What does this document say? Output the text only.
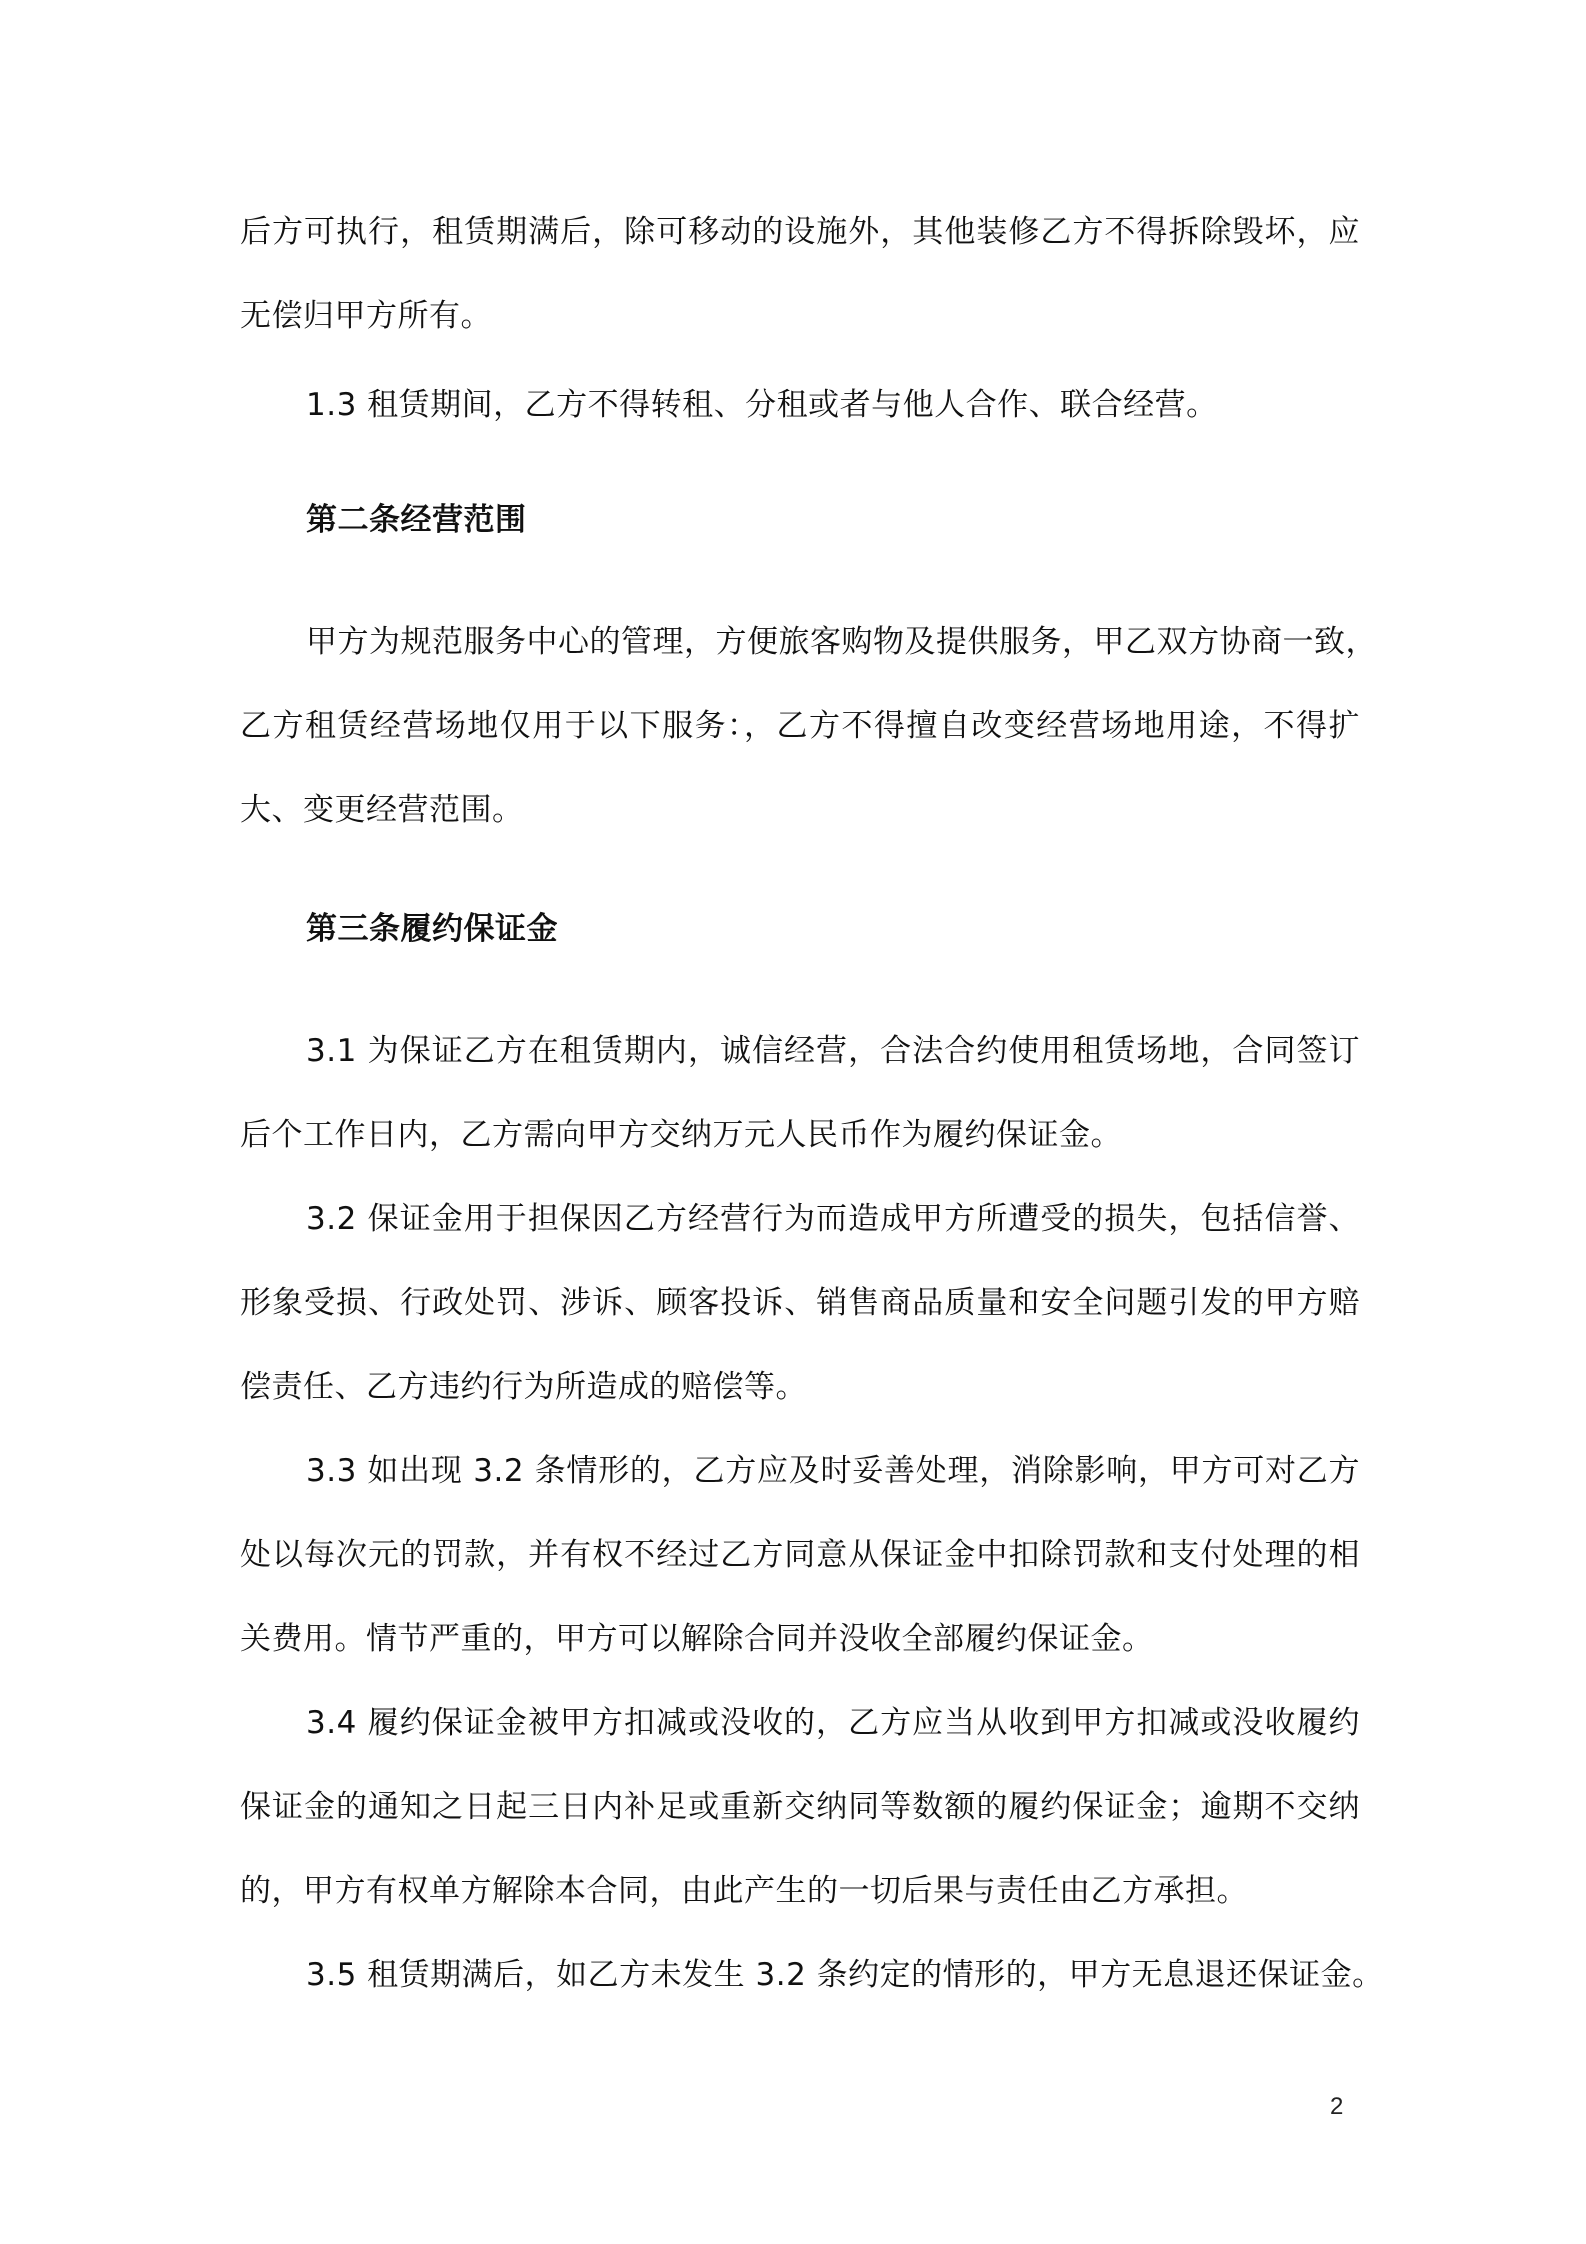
后方可执行，租赁期满后，除可移动的设施外，其他装修乙方不得拆除毁坏，应
无偿归甲方所有。
1.3 租赁期间，乙方不得转租、分租或者与他人合作、联合经营。
第二条经营范围
甲方为规范服务中心的管理，方便旅客购物及提供服务，甲乙双方协商一致，
乙方租赁经营场地仅用于以下服务：，乙方不得擅自改变经营场地用途，不得扩
大、变更经营范围。
第三条履约保证金
3.1 为保证乙方在租赁期内，诚信经营，合法合约使用租赁场地，合同签订
后个工作日内，乙方需向甲方交纳万元人民币作为履约保证金。
3.2 保证金用于担保因乙方经营行为而造成甲方所遭受的损失，包括信誉、
形象受损、行政处罚、涉诉、顾客投诉、销售商品质量和安全问题引发的甲方赔
偿责任、乙方违约行为所造成的赔偿等。
3.3 如出现 3.2 条情形的，乙方应及时妥善处理，消除影响，甲方可对乙方
处以每次元的罚款，并有权不经过乙方同意从保证金中扣除罚款和支付处理的相
关费用。情节严重的，甲方可以解除合同并没收全部履约保证金。
3.4 履约保证金被甲方扣减或没收的，乙方应当从收到甲方扣减或没收履约
保证金的通知之日起三日内补足或重新交纳同等数额的履约保证金；逾期不交纳
的，甲方有权单方解除本合同，由此产生的一切后果与责任由乙方承担。
3.5 租赁期满后，如乙方未发生 3.2 条约定的情形的，甲方无息退还保证金。
2
